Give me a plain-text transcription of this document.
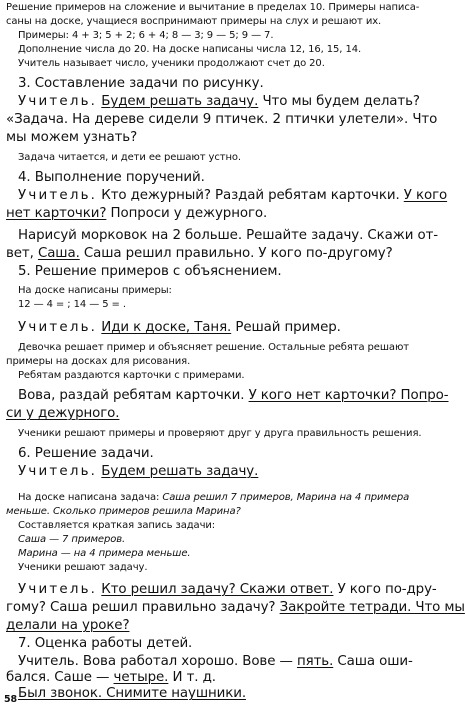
Решение примеров на сложение и вычитание в пределах 10. Примеры написа-
саны на доске, учащиеся воспринимают примеры на слух и решают их.
Примеры: 4 + 3; 5 + 2; 6 + 4; 8 — 3; 9 — 5; 9 — 7.
Дополнение числа до 20. На доске написаны числа 12, 16, 15, 14.
Учитель называет число, ученики продолжают счет до 20.
3. Составление задачи по рисунку.
Учитель. Будем решать задачу. Что мы будем делать?
«Задача. На дереве сидели 9 птичек. 2 птички улетели». Что
мы можем узнать?
Задача читается, и дети ее решают устно.
4. Выполнение поручений.
Учитель. Кто дежурный? Раздай ребятам карточки. У кого
нет карточки? Попроси у дежурного.
Нарисуй морковок на 2 больше. Решайте задачу. Скажи от-
вет, Саша. Саша решил правильно. У кого по-другому?
5. Решение примеров с объяснением.
На доске написаны примеры:
12 — 4 = ; 14 — 5 = .
Учитель. Иди к доске, Таня. Решай пример.
Девочка решает пример и объясняет решение. Остальные ребята решают
примеры на досках для рисования.
Ребятам раздаются карточки с примерами.
Вова, раздай ребятам карточки. У кого нет карточки? Попро-
си у дежурного.
Ученики решают примеры и проверяют друг у друга правильность решения.
6. Решение задачи.
Учитель. Будем решать задачу.
На доске написана задача: Саша решил 7 примеров, Марина на 4 примера
меньше. Сколько примеров решила Марина?
Составляется краткая запись задачи:
Саша — 7 примеров.
Марина — на 4 примера меньше.
Ученики решают задачу.
Учитель. Кто решил задачу? Скажи ответ. У кого по-дру-
гому? Саша решил правильно задачу? Закройте тетради. Что мы
делали на уроке?
7. Оценка работы детей.
Учитель. Вова работал хорошо. Вове — пять. Саша оши-
бался. Саше — четыре. И т. д.
Был звонок. Снимите наушники.
58
